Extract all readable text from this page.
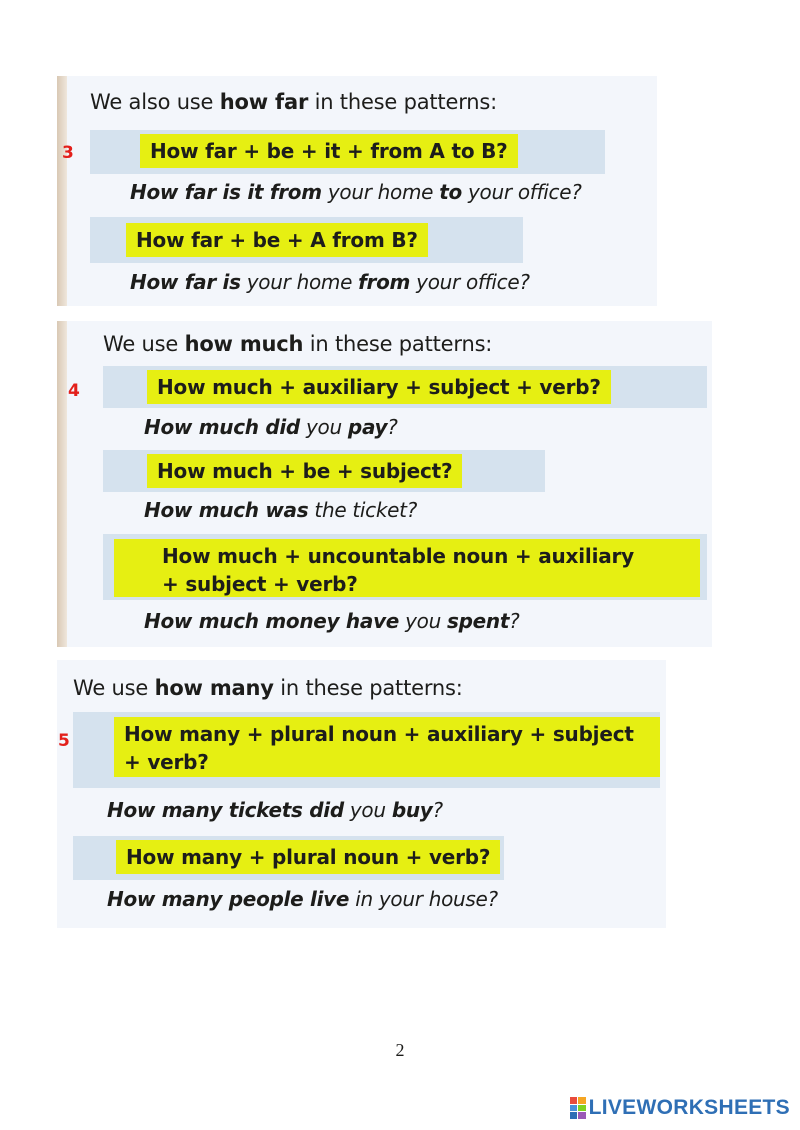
We also use how far in these patterns:
3	How far + be + it + from A to B?
How far is it from your home to your office?
How far + be + A from B?
How far is your home from your office?
We use how much in these patterns:
4	How much + auxiliary + subject + verb?
How much did you pay?
How much + be + subject?
How much was the ticket?
How much + uncountable noun + auxiliary
+ subject + verb?
How much money have you spent?
We use how many in these patterns:
5	How many + plural noun + auxiliary + subject
+ verb?
How many tickets did you buy?
How many + plural noun + verb?
How many people live in your house?
2
LIVEWORKSHEETS
